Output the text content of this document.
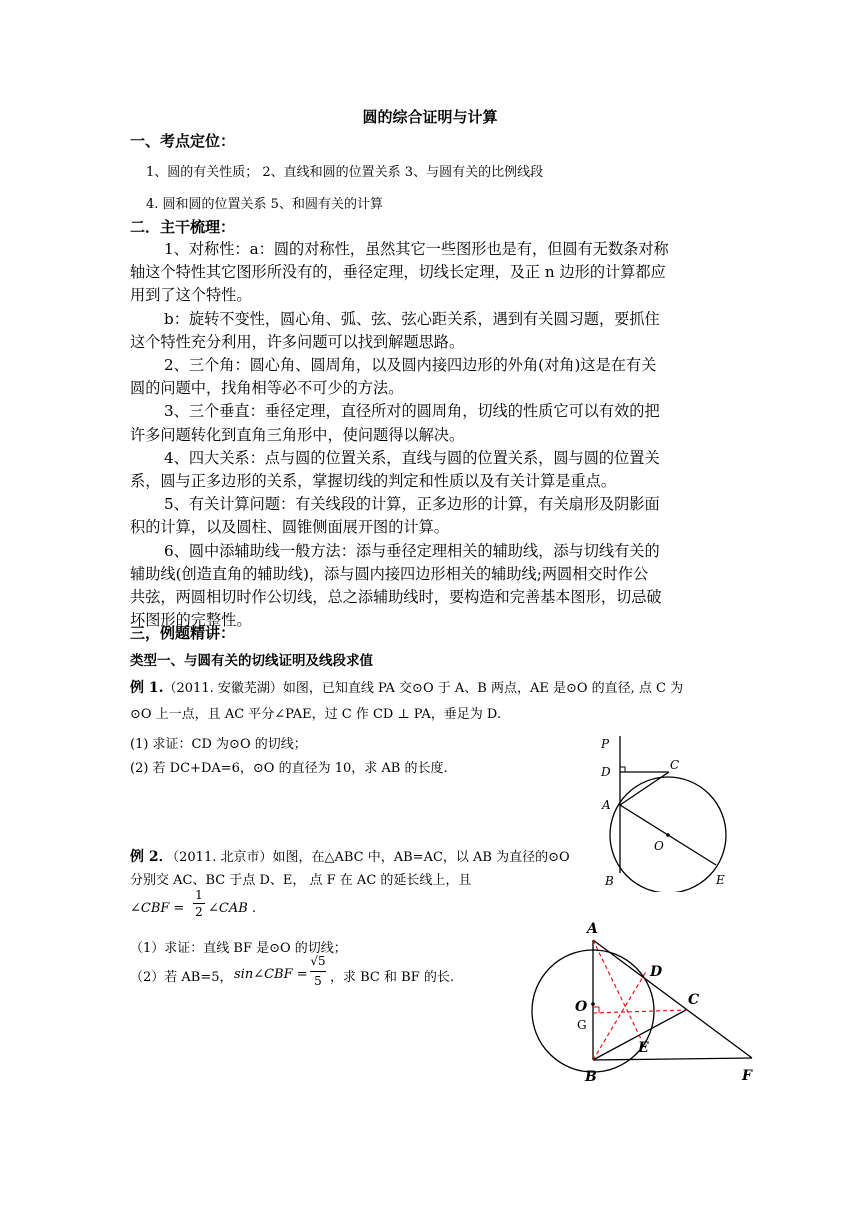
圆的综合证明与计算
一、考点定位：
1、圆的有关性质； 2、直线和圆的位置关系 3、与圆有关的比例线段
4. 圆和圆的位置关系 5、和圆有关的计算
二．主干梳理：

1、对称性：a：圆的对称性，虽然其它一些图形也是有，但圆有无数条对称

轴这个特性其它图形所没有的，垂径定理，切线长定理，及正 n 边形的计算都应

用到了这个特性。

b：旋转不变性，圆心角、弧、弦、弦心距关系，遇到有关圆习题，要抓住

这个特性充分利用，许多问题可以找到解题思路。

2、三个角：圆心角、圆周角，以及圆内接四边形的外角(对角)这是在有关

圆的问题中，找角相等必不可少的方法。

3、三个垂直：垂径定理，直径所对的圆周角，切线的性质它可以有效的把

许多问题转化到直角三角形中，使问题得以解决。

4、四大关系：点与圆的位置关系，直线与圆的位置关系，圆与圆的位置关

系，圆与正多边形的关系，掌握切线的判定和性质以及有关计算是重点。

5、有关计算问题：有关线段的计算，正多边形的计算，有关扇形及阴影面

积的计算，以及圆柱、圆锥侧面展开图的计算。

6、圆中添辅助线一般方法：添与垂径定理相关的辅助线，添与切线有关的

辅助线(创造直角的辅助线)，添与圆内接四边形相关的辅助线;两圆相交时作公

共弦，两圆相切时作公切线，总之添辅助线时，要构造和完善基本图形，切忌破

坏图形的完整性。

三，例题精讲：
类型一、与圆有关的切线证明及线段求值
例 1.（2011. 安徽芜湖）如图，已知直线 PA 交⊙O 于 A、B 两点，AE 是⊙O 的直径, 点 C 为
⊙O 上一点，且 AC 平分∠PAE，过 C 作 CD ⊥ PA，垂足为 D.
(1) 求证：CD 为⊙O 的切线；
(2) 若 DC+DA=6，⊙O 的直径为 10，求 AB 的长度.
例 2．（2011. 北京市）如图，在△ABC 中，AB=AC，以 AB 为直径的⊙O
分别交 AC、BC 于点 D、E， 点 F 在 AC 的延长线上，且
∠CBF =
1
2 ∠CAB .
（1）求证：直线 BF 是⊙O 的切线；
（2）若 AB=5， sin∠CBF =
√5
5 ，求 BC 和 BF 的长.
P
D	C
A
O
B	E
A
D
C
O
G
E
B	F
